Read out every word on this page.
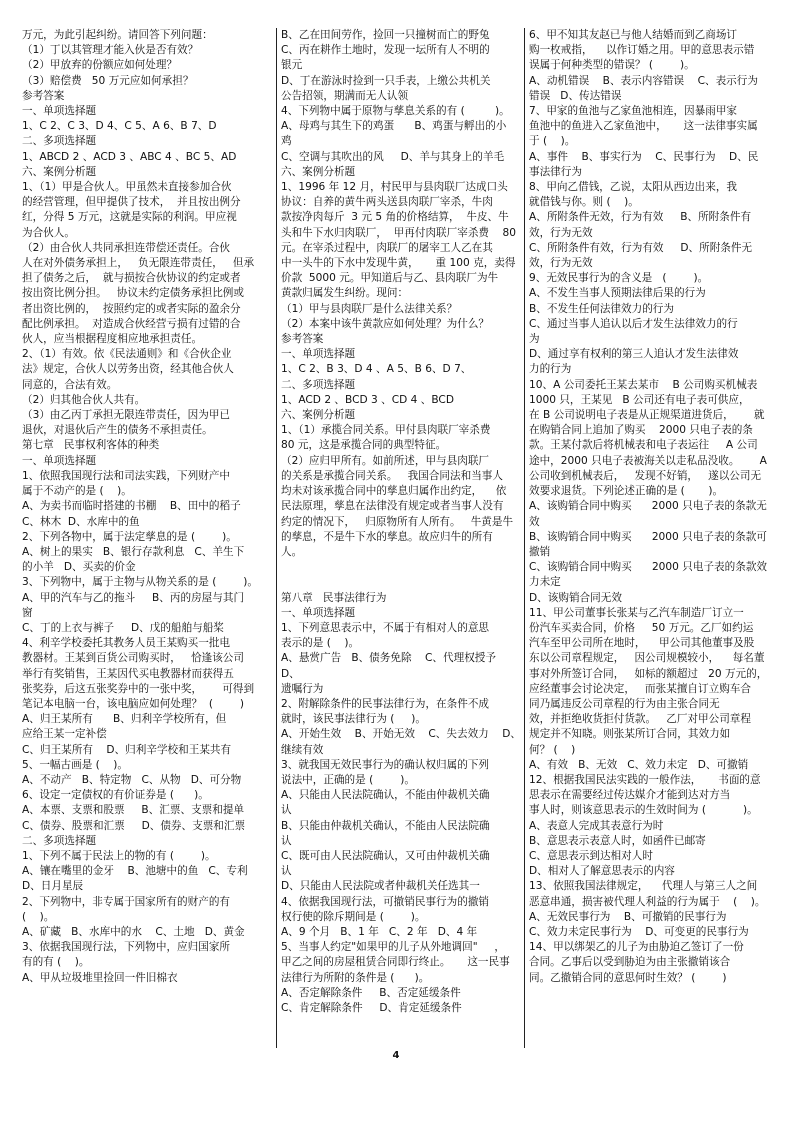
万元，为此引起纠纷。请回答下列问题：
（1）丁以其管理才能入伙是否有效？
（2）甲放弃的份额应如何处理？
（3）赔偿费   50 万元应如何承担？
参考答案
一、单项选择题
1、C 2、C 3、D 4、C 5、A 6、B 7、D
二、多项选择题
1、ABCD 2 、ACD 3 、ABC 4 、BC 5、AD
六、案例分析题
1、（1）甲是合伙人。甲虽然未直接参加合伙
的经营管理，但甲提供了技术，  并且按出例分
红，分得 5 万元，这就是实际的利润。甲应视
为合伙人。
（2）由合伙人共同承担连带偿还责任。合伙
人在对外债务承担上，   负无限连带责任，   但承
担了债务之后，  就与损按合伙协议的约定或者
按出资比例分担。   协议未约定债务承担比例或
者出资比例的，  按照约定的或者实际的盈余分
配比例承担。  对造成合伙经营亏损有过错的合
伙人，应当根据程度相应地承担责任。
2、（1）有效。依《民法通则》和《合伙企业
法》规定，合伙人以劳务出资，经其他合伙人
同意的，合法有效。
（2）归其他合伙人共有。
（3）由乙丙丁承担无限连带责任，因为甲已
退伙，对退伙后产生的债务不承担责任。
第七章   民事权利客体的种类
一、单项选择题
1、依照我国现行法和司法实践，下列财产中
属于不动产的是 (    )。
A、为卖书而临时搭建的书棚    B、田中的稻子
C、林木  D、水库中的鱼
2、下列各物中，属于法定孳息的是 (        )。
A、树上的果实   B、银行存款利息   C、羊生下
的小羊   D、买卖的价金
3、下列物中，属于主物与从物关系的是 (        )。
A、甲的汽车与乙的拖斗     B、丙的房屋与其门
窗
C、丁的上衣与裤子     D、戊的船舶与船桨
4、利辛学校委托其教务人员王某购买一批电
教器材。王某到百货公司购买时，   恰逢该公司
举行有奖销售，王某因代买电教器材而获得五
张奖券，后这五张奖券中的一张中奖，      可得到
笔记本电脑一台，该电脑应如何处理？  (        )
A、归王某所有      B、归利辛学校所有，但
应给王某一定补偿
C、归王某所有    D、归利辛学校和王某共有
5、一幅古画是 (    )。
A、不动产   B、特定物   C、从物   D、可分物
6、设定一定债权的有价证券是 (      )。
A、本票、支票和股票     B、汇票、支票和提单
C、债券、股票和汇票     D、债券、支票和汇票
二、多项选择题
1、下列不属于民法上的物的有 (        )。
A、镶在嘴里的金牙    B、池塘中的鱼   C、专利
D、日月星辰
2、下列物中，非专属于国家所有的财产的有
(    )。
A、矿藏   B、水库中的水    C、土地   D、黄金
3、依据我国现行法，下列物中，应归国家所
有的有 (    )。
A、甲从垃圾堆里捡回一件旧棉衣
B、乙在田间劳作，捡回一只撞树而亡的野兔
C、丙在耕作土地时，发现一坛所有人不明的
银元
D、丁在游泳时捡到一只手表，上缴公共机关
公告招领，期满而无人认领
4、下列物中属于原物与孳息关系的有 (         )。
A、母鸡与其生下的鸡蛋      B、鸡蛋与孵出的小
鸡
C、空调与其吹出的风     D、羊与其身上的羊毛
六、案例分析题
1、1996 年 12 月，村民甲与县肉联厂达成口头
协议：自养的黄牛两头送县肉联厂宰杀，牛肉
款按净肉每斤  3 元 5 角的价格结算，  牛皮、牛
头和牛下水归肉联厂，  甲再付肉联厂宰杀费    80
元。在宰杀过程中，肉联厂的屠宰工人乙在其
中一头牛的下水中发现牛黄，     重 100 克，卖得
价款  5000 元。甲知道后与乙、县肉联厂为牛
黄款归属发生纠纷。现问：
（1）甲与县肉联厂是什么法律关系？
（2）本案中该牛黄款应如何处理？为什么？
参考答案
一、单项选择题
1、C 2、B 3、D 4 、A 5、B 6、D 7、
二、多项选择题
1、ACD 2 、BCD 3 、CD 4 、BCD
六、案例分析题
1、（1）承揽合同关系。甲付县肉联厂宰杀费
80 元，这是承揽合同的典型特征。
（2）应归甲所有。如前所述，甲与县肉联厂
的关系是承揽合同关系。   我国合同法和当事人
均未对该承揽合同中的孳息归属作出约定，    依
民法原理，孳息在法律没有规定或者当事人没有
约定的情况下，   归原物所有人所有。   牛黄是牛
的孳息，不是牛下水的孳息。故应归牛的所有
人。

第八章   民事法律行为
一、单项选择题
1、下列意思表示中，不属于有相对人的意思
表示的是 (    )。
A、悬赏广告   B、债务免除    C、代理权授予    D、
遗嘱行为
2、附解除条件的民事法律行为，在条件不成
就时，该民事法律行为 (     )。
A、开始生效    B、开始无效    C、失去效力    D、
继续有效
3、就我国无效民事行为的确认权归属的下列
说法中，正确的是 (        )。
A、只能由人民法院确认，不能由仲裁机关确
认
B、只能由仲裁机关确认，不能由人民法院确
认
C、既可由人民法院确认，又可由仲裁机关确
认
D、只能由人民法院或者仲裁机关任选其一
4、依据我国现行法，可撤销民事行为的撤销
权行使的除斥期间是 (        )。
A、9 个月   B、1 年   C、2 年   D、4 年
5、当事人约定"如果甲的儿子从外地调回"     ，
甲乙之间的房屋租赁合同即行终止。     这一民事
法律行为所附的条件是 (      )。
A、否定解除条件     B、否定延缓条件
C、肯定解除条件     D、肯定延缓条件
6、甲不知其友赵已与他人结婚而到乙商场订
购一枚戒指，    以作订婚之用。甲的意思表示错
误属于何种类型的错误？ (        )。
A、动机错误    B、表示内容错误    C、表示行为
错误   D、传达错误
7、甲家的鱼池与乙家鱼池相连，因暴雨甲家
鱼池中的鱼进入乙家鱼池中，     这一法律事实属
于 (    )。
A、事件    B、事实行为    C、民事行为    D、民
事法律行为
8、甲向乙借钱，乙说，太阳从西边出来，我
就借钱与你。则 (    )。
A、所附条件无效，行为有效     B、所附条件有
效，行为无效
C、所附条件有效，行为有效     D、所附条件无
效，行为无效
9、无效民事行为的含义是   (        )。
A、不发生当事人预期法律后果的行为
B、不发生任何法律效力的行为
C、通过当事人追认以后才发生法律效力的行
为
D、通过享有权利的第三人追认才发生法律效
力的行为
10、A 公司委托王某去某市    B 公司购买机械表
1000 只，王某见   B 公司还有电子表可供应，
在 B 公司说明电子表是从正规渠道进货后，      就
在购销合同上追加了购买    2000 只电子表的条
款。王某付款后将机械表和电子表运往     A 公司
途中，2000 只电子表被海关以走私品没收。      A
公司收到机械表后，   发现不好销，   遂以公司无
效要求退货。下列论述正确的是 (       )。
A、该购销合同中购买      2000 只电子表的条款无
效
B、该购销合同中购买      2000 只电子表的条款可
撤销
C、该购销合同中购买      2000 只电子表的条款效
力未定
D、该购销合同无效
11、甲公司董事长张某与乙汽车制造厂订立一
份汽车买卖合同，价格     50 万元。乙厂如约运
汽车至甲公司所在地时，    甲公司其他董事及股
东以公司章程规定，   因公司规模较小，    每名董
事对外所签订合同，   如标的额超过   20 万元的，
应经董事会讨论决定，   而张某擅自订立购车合
同乃属违反公司章程的行为由主张合同无
效，并拒绝收货拒付货款。   乙厂对甲公司章程
规定并不知晓。则张某所订合同，其效力如
何？ (    )
A、有效   B、无效   C、效力未定   D、可撤销
12、根据我国民法实践的一般作法，     书面的意
思表示在需要经过传达媒介才能到达对方当
事人时，则该意思表示的生效时间为 (           )。
A、表意人完成其表意行为时
B、意思表示表意人时，如函件已邮寄
C、意思表示到达相对人时
D、相对人了解意思表示的内容
13、依照我国法律规定，    代理人与第三人之间
恶意串通，损害被代理人利益的行为属于    (    )。
A、无效民事行为    B、可撤销的民事行为
C、效力未定民事行为    D、可变更的民事行为
14、甲以绑架乙的儿子为由胁迫乙签订了一份
合同。乙事后以受到胁迫为由主张撤销该合
同。乙撤销合同的意思何时生效？ (        )
4
